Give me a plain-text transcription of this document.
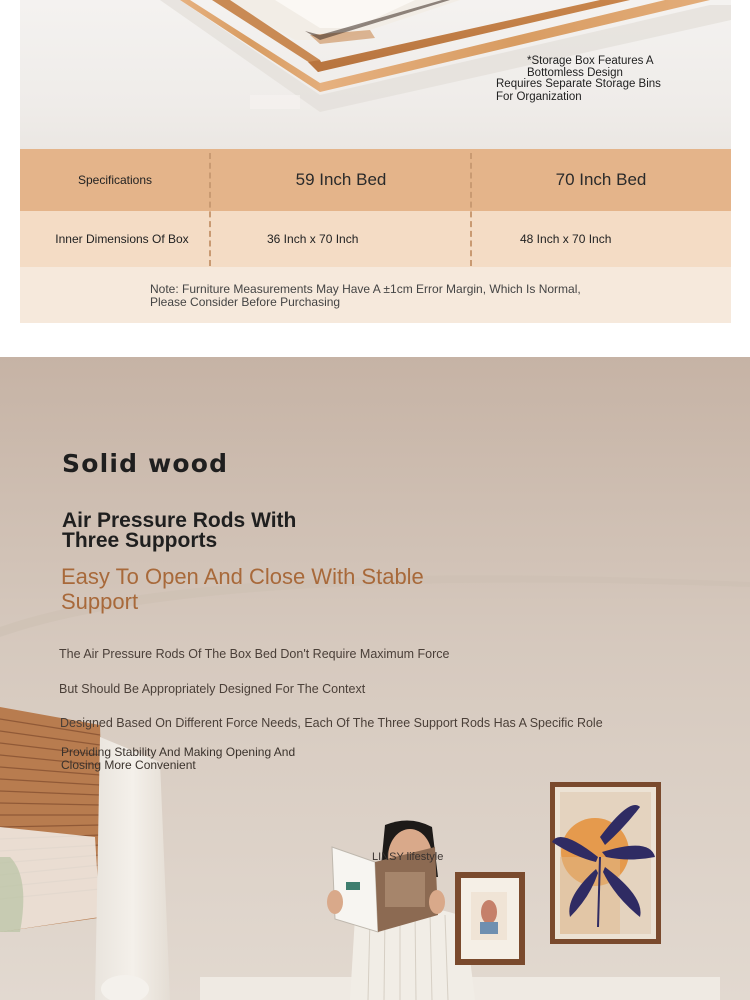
*Storage Box Features A
Bottomless Design
Requires Separate Storage Bins
For Organization
Specifications	59 Inch Bed	70 Inch Bed
Inner Dimensions Of Box	36 Inch x 70 Inch	48 Inch x 70 Inch
Note: Furniture Measurements May Have A ±1cm Error Margin, Which Is Normal,
Please Consider Before Purchasing
Solid wood
Air Pressure Rods With
Three Supports
Easy To Open And Close With Stable
Support
The Air Pressure Rods Of The Box Bed Don't Require Maximum Force
But Should Be Appropriately Designed For The Context
Designed Based On Different Force Needs, Each Of The Three Support Rods Has A Specific Role
Providing Stability And Making Opening And
Closing More Convenient
LINSY lifestyle
